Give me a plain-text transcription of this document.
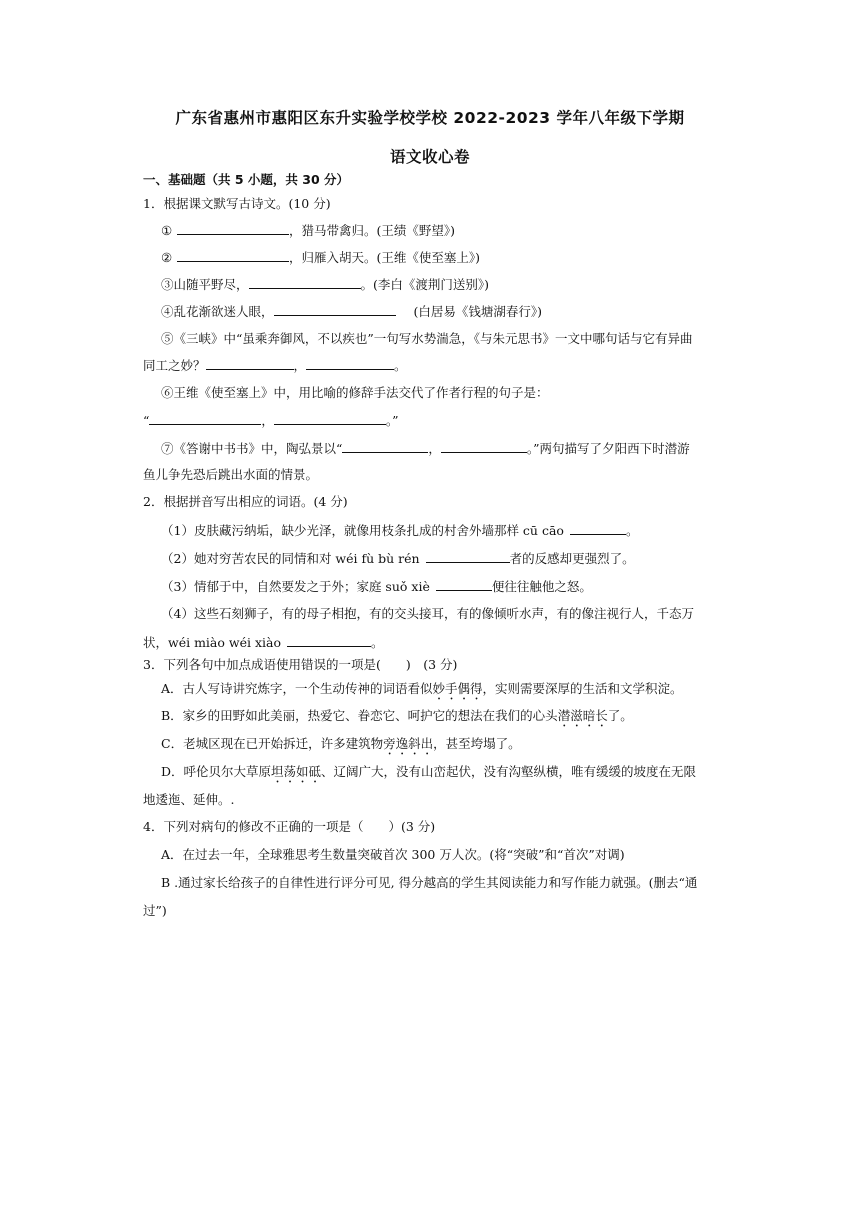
广东省惠州市惠阳区东升实验学校学校 2022-2023 学年八年级下学期
语文收心卷
一、基础题（共 5 小题，共 30 分）
1．根据课文默写古诗文。(10 分)
①	，猎马带禽归。(王绩《野望》)
②	，归雁入胡天。(王维《使至塞上》)
③山随平野尽，	。(李白《渡荆门送别》)
④乱花渐欲迷人眼，	(白居易《钱塘湖春行》)
⑤《三峡》中“虽乘奔御风，不以疾也”一句写水势湍急，《与朱元思书》一文中哪句话与它有异曲
同工之妙？	，	。
⑥王维《使至塞上》中，用比喻的修辞手法交代了作者行程的句子是：
“	，	。”
⑦《答谢中书书》中，陶弘景以“	，	。”两句描写了夕阳西下时潜游
鱼儿争先恐后跳出水面的情景。
2．根据拼音写出相应的词语。(4 分)
（1）皮肤藏污纳垢，缺少光泽，就像用枝条扎成的村舍外墙那样 cū cāo	。
（2）她对穷苦农民的同情和对 wéi fù bù rén	者的反感却更强烈了。
（3）情郁于中，自然要发之于外；家庭 suǒ xiè	便往往触他之怒。
（4）这些石刻狮子，有的母子相抱，有的交头接耳，有的像倾听水声，有的像注视行人，千态万
状，wéi miào wéi xiào	。
3．下列各句中加点成语使用错误的一项是(　　)　(3 分)
A．古人写诗讲究炼字，一个生动传神的词语看似妙手偶得，实则需要深厚的生活和文学积淀。
B．家乡的田野如此美丽，热爱它、眷恋它、呵护它的想法在我们的心头潜滋暗长了。
C．老城区现在已开始拆迁，许多建筑物旁逸斜出，甚至垮塌了。
D．呼伦贝尔大草原坦荡如砥、辽阔广大，没有山峦起伏，没有沟壑纵横，唯有缓缓的坡度在无限
地逶迤、延伸。.
4．下列对病句的修改不正确的一项是（　　）(3 分)
A．在过去一年，全球雅思考生数量突破首次 300 万人次。(将“突破”和“首次”对调)
B .通过家长给孩子的自律性进行评分可见, 得分越高的学生其阅读能力和写作能力就强。(删去“通
过”)
